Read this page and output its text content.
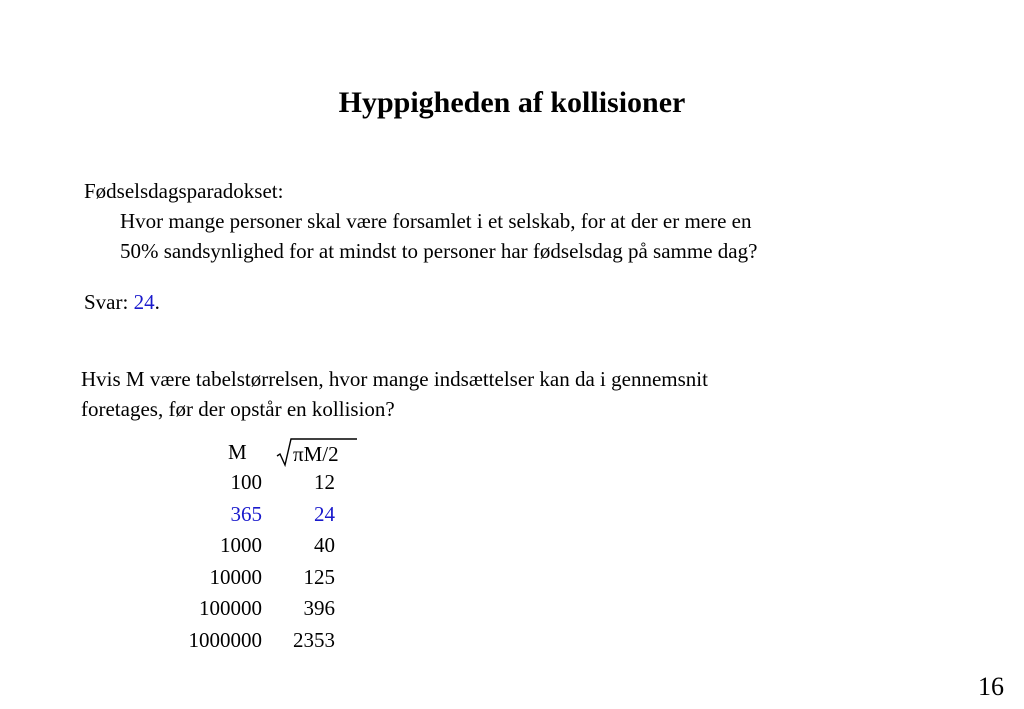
Hyppigheden af kollisioner
Fødselsdagsparadokset:
Hvor mange personer skal være forsamlet i et selskab, for at der er mere en
50% sandsynlighed for at mindst to personer har fødselsdag på samme dag?
Svar: 24.
Hvis M være tabelstørrelsen, hvor mange indsættelser kan da i gennemsnit
foretages, før der opstår en kollision?
M πM/2
100	12
365	24
1000	40
10000	125
100000	396
1000000	2353
16
